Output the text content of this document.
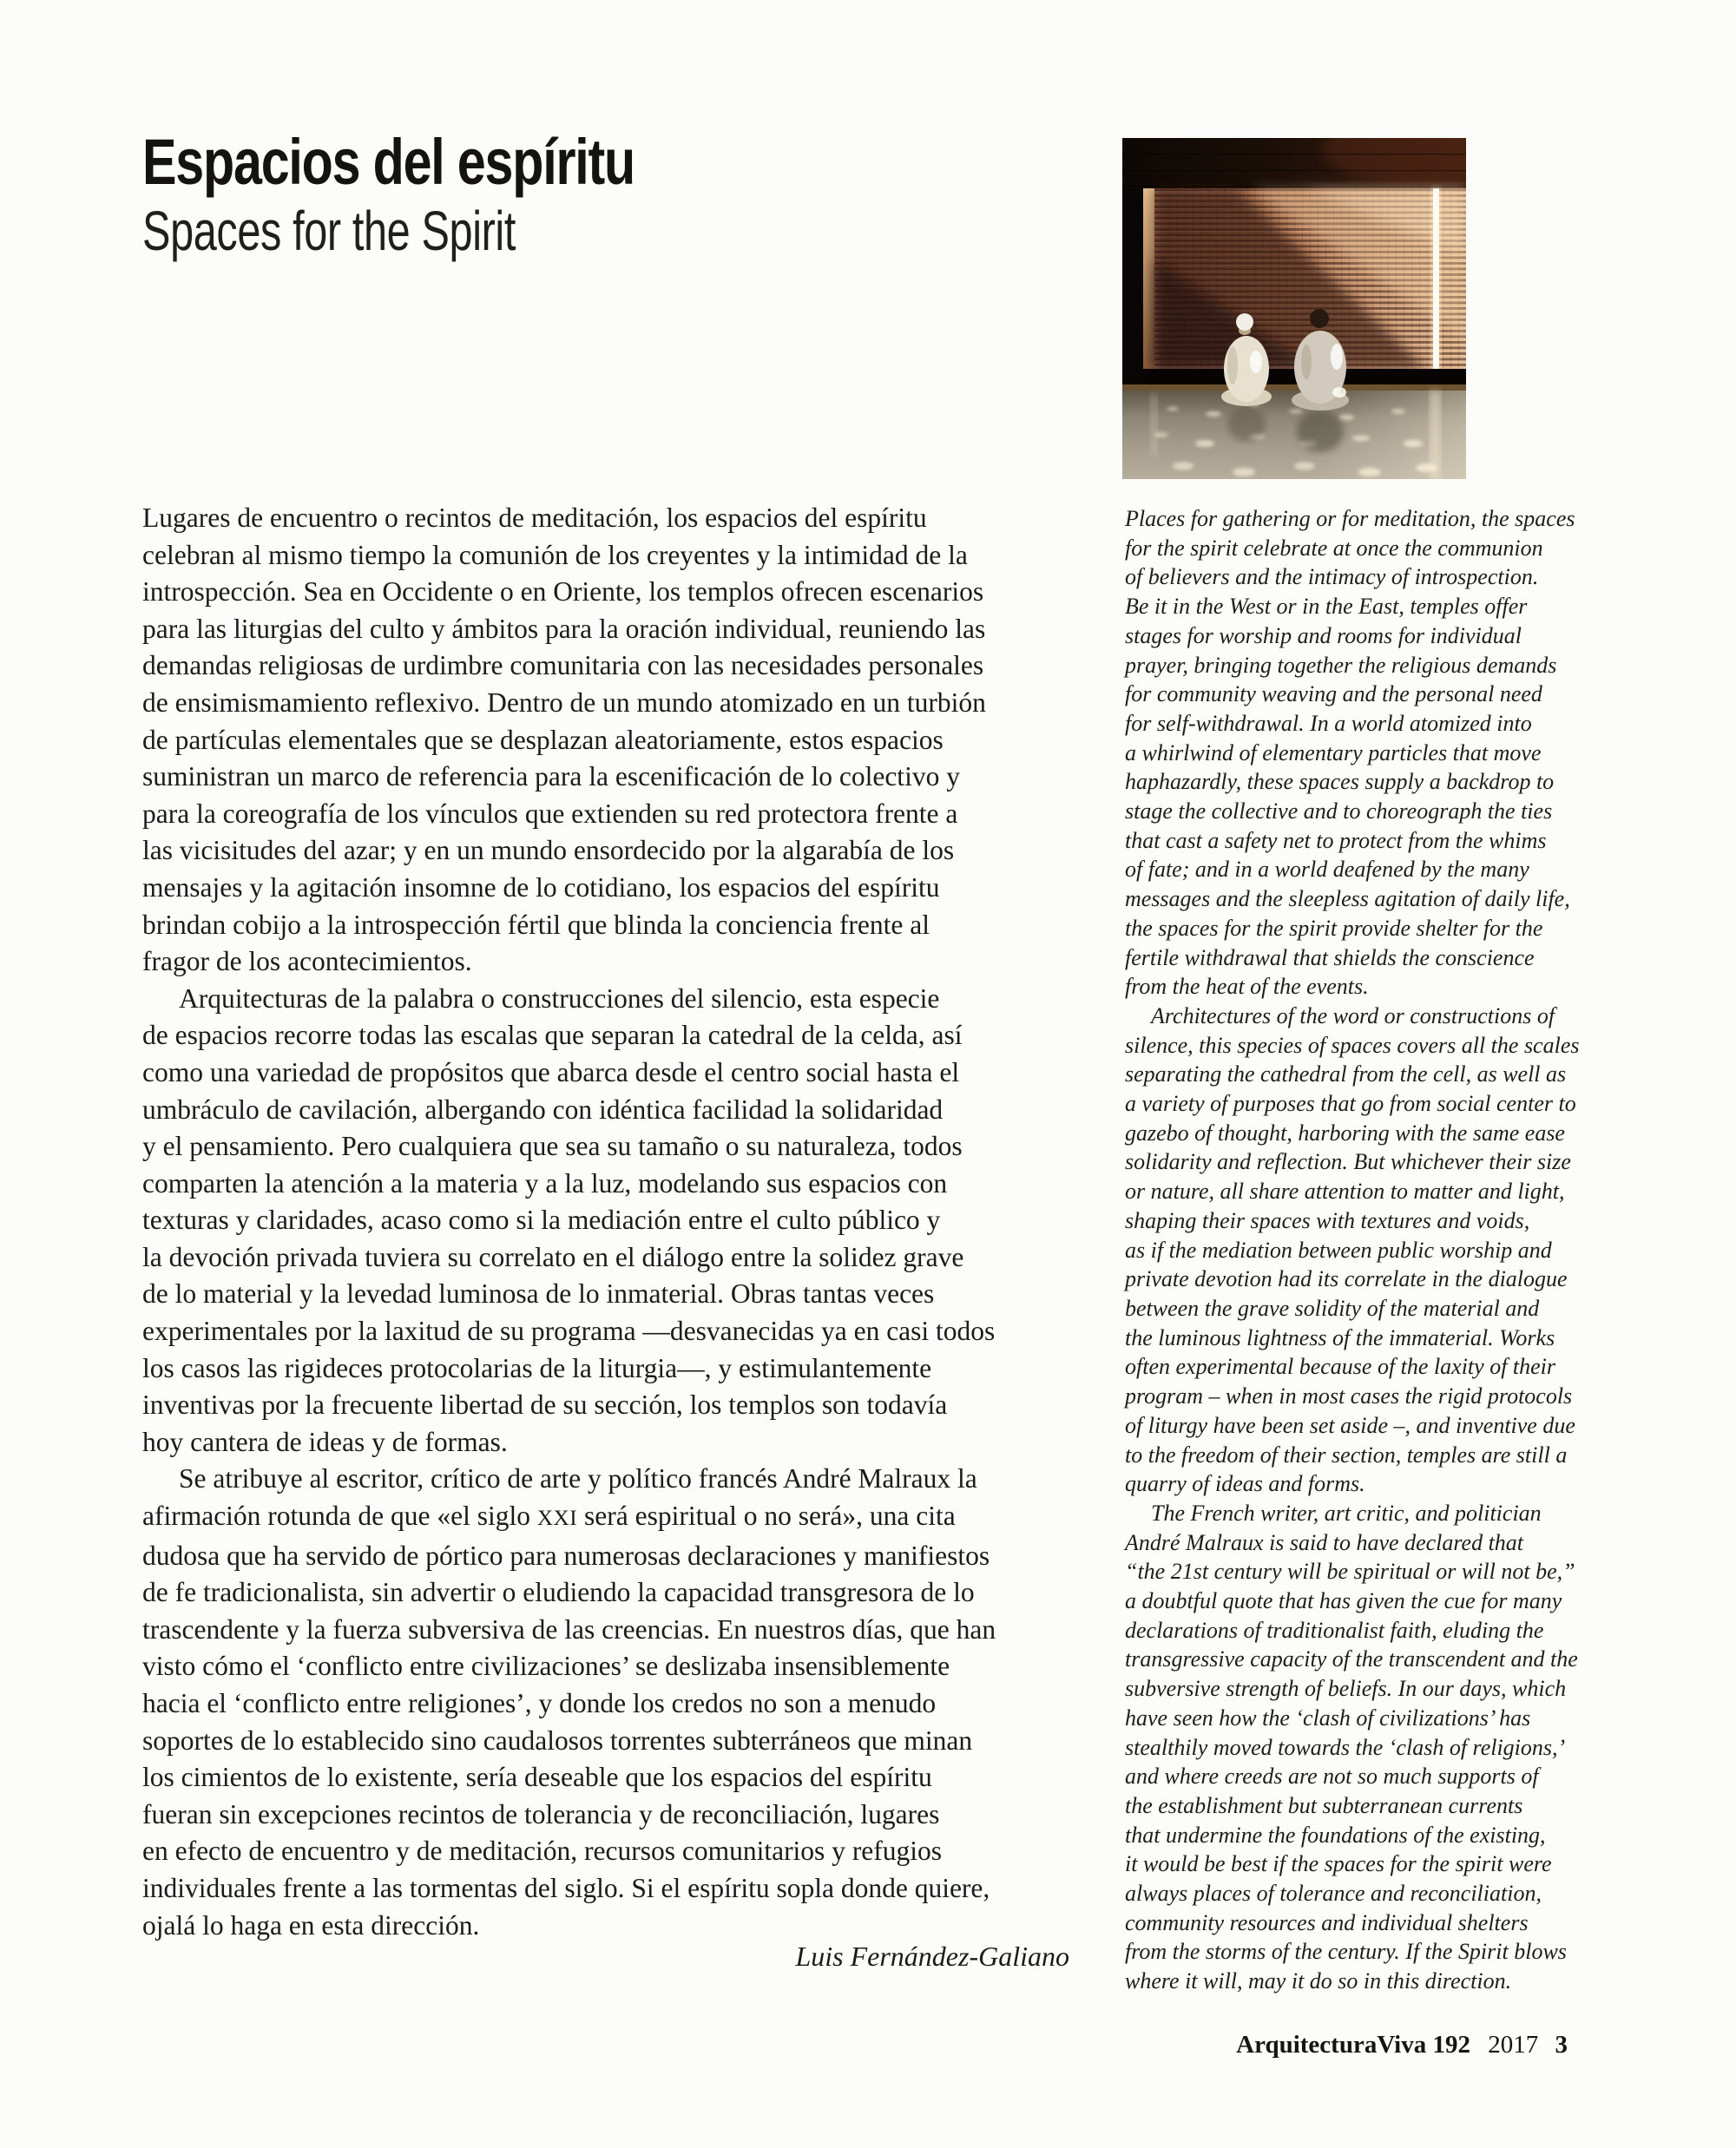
Espacios del espíritu
Spaces for the Spirit
Lugares de encuentro o recintos de meditación, los espacios del espíritu
celebran al mismo tiempo la comunión de los creyentes y la intimidad de la
introspección. Sea en Occidente o en Oriente, los templos ofrecen escenarios
para las liturgias del culto y ámbitos para la oración individual, reuniendo las
demandas religiosas de urdimbre comunitaria con las necesidades personales
de ensimismamiento reflexivo. Dentro de un mundo atomizado en un turbión
de partículas elementales que se desplazan aleatoriamente, estos espacios
suministran un marco de referencia para la escenificación de lo colectivo y
para la coreografía de los vínculos que extienden su red protectora frente a
las vicisitudes del azar; y en un mundo ensordecido por la algarabía de los
mensajes y la agitación insomne de lo cotidiano, los espacios del espíritu
brindan cobijo a la introspección fértil que blinda la conciencia frente al
fragor de los acontecimientos.
Arquitecturas de la palabra o construcciones del silencio, esta especie
de espacios recorre todas las escalas que separan la catedral de la celda, así
como una variedad de propósitos que abarca desde el centro social hasta el
umbráculo de cavilación, albergando con idéntica facilidad la solidaridad
y el pensamiento. Pero cualquiera que sea su tamaño o su naturaleza, todos
comparten la atención a la materia y a la luz, modelando sus espacios con
texturas y claridades, acaso como si la mediación entre el culto público y
la devoción privada tuviera su correlato en el diálogo entre la solidez grave
de lo material y la levedad luminosa de lo inmaterial. Obras tantas veces
experimentales por la laxitud de su programa —desvanecidas ya en casi todos
los casos las rigideces protocolarias de la liturgia—, y estimulantemente
inventivas por la frecuente libertad de su sección, los templos son todavía
hoy cantera de ideas y de formas.
Se atribuye al escritor, crítico de arte y político francés André Malraux la
afirmación rotunda de que «el siglo XXI será espiritual o no será», una cita
dudosa que ha servido de pórtico para numerosas declaraciones y manifiestos
de fe tradicionalista, sin advertir o eludiendo la capacidad transgresora de lo
trascendente y la fuerza subversiva de las creencias. En nuestros días, que han
visto cómo el ‘conflicto entre civilizaciones’ se deslizaba insensiblemente
hacia el ‘conflicto entre religiones’, y donde los credos no son a menudo
soportes de lo establecido sino caudalosos torrentes subterráneos que minan
los cimientos de lo existente, sería deseable que los espacios del espíritu
fueran sin excepciones recintos de tolerancia y de reconciliación, lugares
en efecto de encuentro y de meditación, recursos comunitarios y refugios
individuales frente a las tormentas del siglo. Si el espíritu sopla donde quiere,
ojalá lo haga en esta dirección.
Places for gathering or for meditation, the spaces
for the spirit celebrate at once the communion
of believers and the intimacy of introspection.
Be it in the West or in the East, temples offer
stages for worship and rooms for individual
prayer, bringing together the religious demands
for community weaving and the personal need
for self-withdrawal. In a world atomized into
a whirlwind of elementary particles that move
haphazardly, these spaces supply a backdrop to
stage the collective and to choreograph the ties
that cast a safety net to protect from the whims
of fate; and in a world deafened by the many
messages and the sleepless agitation of daily life,
the spaces for the spirit provide shelter for the
fertile withdrawal that shields the conscience
from the heat of the events.
Architectures of the word or constructions of
silence, this species of spaces covers all the scales
separating the cathedral from the cell, as well as
a variety of purposes that go from social center to
gazebo of thought, harboring with the same ease
solidarity and reflection. But whichever their size
or nature, all share attention to matter and light,
shaping their spaces with textures and voids,
as if the mediation between public worship and
private devotion had its correlate in the dialogue
between the grave solidity of the material and
the luminous lightness of the immaterial. Works
often experimental because of the laxity of their
program – when in most cases the rigid protocols
of liturgy have been set aside –, and inventive due
to the freedom of their section, temples are still a
quarry of ideas and forms.
The French writer, art critic, and politician
André Malraux is said to have declared that
“the 21st century will be spiritual or will not be,”
a doubtful quote that has given the cue for many
declarations of traditionalist faith, eluding the
transgressive capacity of the transcendent and the
subversive strength of beliefs. In our days, which
have seen how the ‘clash of civilizations’ has
stealthily moved towards the ‘clash of religions,’
and where creeds are not so much supports of
the establishment but subterranean currents
that undermine the foundations of the existing,
it would be best if the spaces for the spirit were
always places of tolerance and reconciliation,
community resources and individual shelters
from the storms of the century. If the Spirit blows
where it will, may it do so in this direction.
Luis Fernández-Galiano
ArquitecturaViva 192 2017 3
